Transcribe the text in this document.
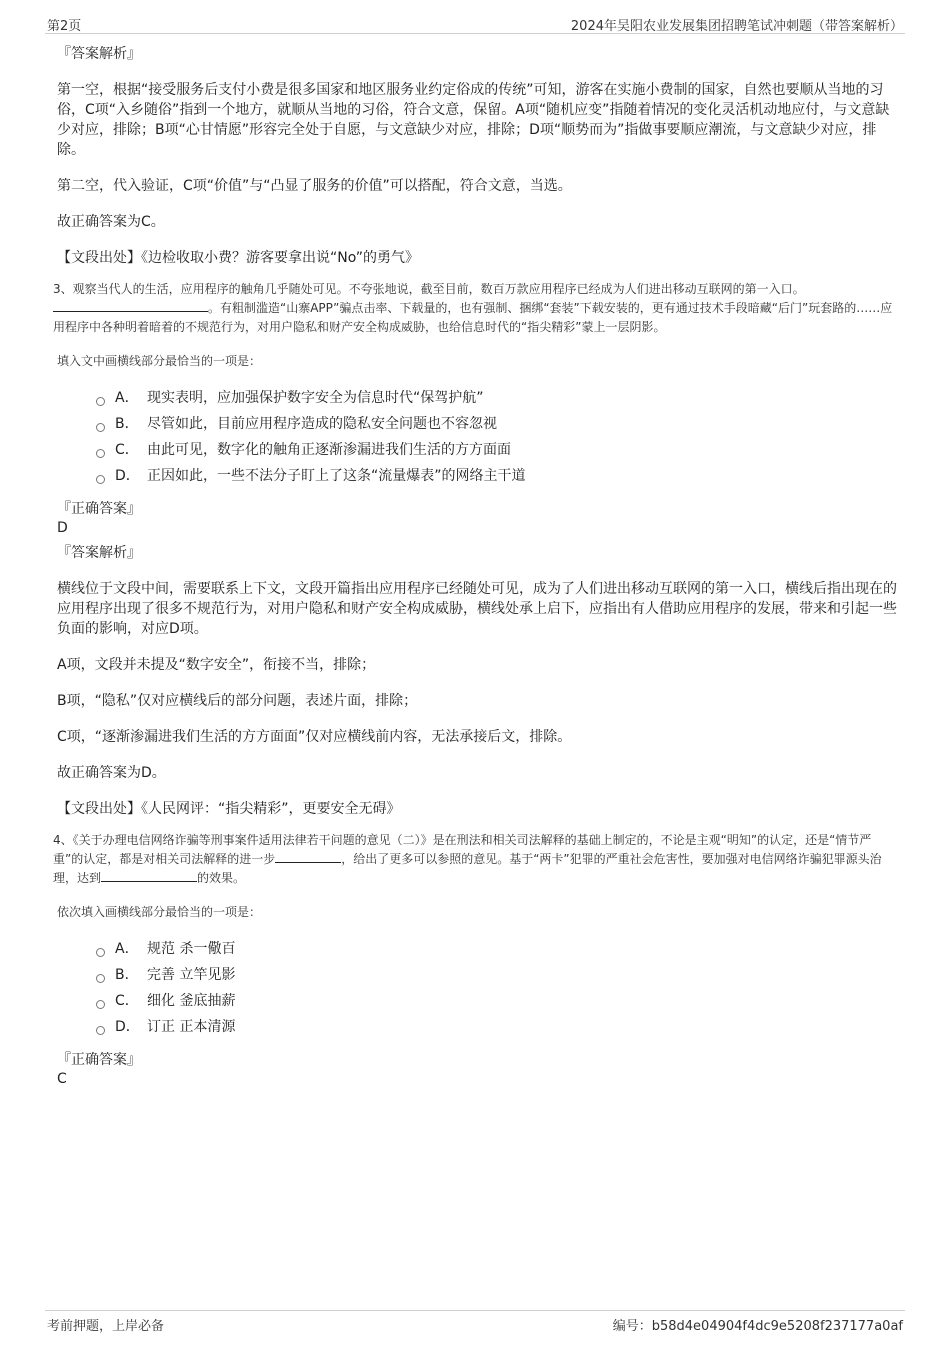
第2页	2024年吴阳农业发展集团招聘笔试冲刺题（带答案解析）

『答案解析』

第一空，根据“接受服务后支付小费是很多国家和地区服务业约定俗成的传统”可知，游客在实施小费制的国家，自然也要顺从当地的习俗，C项“入乡随俗”指到一个地方，就顺从当地的习俗，符合文意，保留。A项“随机应变”指随着情况的变化灵活机动地应付，与文意缺少对应，排除；B项“心甘情愿”形容完全处于自愿，与文意缺少对应，排除；D项“顺势而为”指做事要顺应潮流，与文意缺少对应，排除。

第二空，代入验证，C项“价值”与“凸显了服务的价值”可以搭配，符合文意，当选。

故正确答案为C。

【文段出处】《边检收取小费？游客要拿出说“No”的勇气》

3、观察当代人的生活，应用程序的触角几乎随处可见。不夸张地说，截至目前，数百万款应用程序已经成为人们进出移动互联网的第一入口。。有粗制滥造“山寨APP”骗点击率、下载量的，也有强制、捆绑“套装”下载安装的，更有通过技术手段暗藏“后门”玩套路的……应用程序中各种明着暗着的不规范行为，对用户隐私和财产安全构成威胁，也给信息时代的“指尖精彩”蒙上一层阴影。

填入文中画横线部分最恰当的一项是：

A． 现实表明，应加强保护数字安全为信息时代“保驾护航”
B． 尽管如此，目前应用程序造成的隐私安全问题也不容忽视
C． 由此可见，数字化的触角正逐渐渗漏进我们生活的方方面面
D． 正因如此，一些不法分子盯上了这条“流量爆表”的网络主干道

『正确答案』

D

『答案解析』

横线位于文段中间，需要联系上下文，文段开篇指出应用程序已经随处可见，成为了人们进出移动互联网的第一入口，横线后指出现在的应用程序出现了很多不规范行为，对用户隐私和财产安全构成威胁，横线处承上启下，应指出有人借助应用程序的发展，带来和引起一些负面的影响，对应D项。

A项，文段并未提及“数字安全”，衔接不当，排除；

B项，“隐私”仅对应横线后的部分问题，表述片面，排除；

C项，“逐渐渗漏进我们生活的方方面面”仅对应横线前内容，无法承接后文，排除。

故正确答案为D。

【文段出处】《人民网评：“指尖精彩”，更要安全无碍》

4、《关于办理电信网络诈骗等刑事案件适用法律若干问题的意见（二）》是在刑法和相关司法解释的基础上制定的，不论是主观“明知”的认定，还是“情节严重”的认定，都是对相关司法解释的进一步	，给出了更多可以参照的意见。基于“两卡”犯罪的严重社会危害性，要加强对电信网络诈骗犯罪源头治理，达到	的效果。

依次填入画横线部分最恰当的一项是：

A． 规范 杀一儆百
B． 完善 立竿见影
C． 细化 釜底抽薪
D． 订正 正本清源

『正确答案』

C

考前押题，上岸必备	编号：b58d4e04904f4dc9e5208f237177a0af
